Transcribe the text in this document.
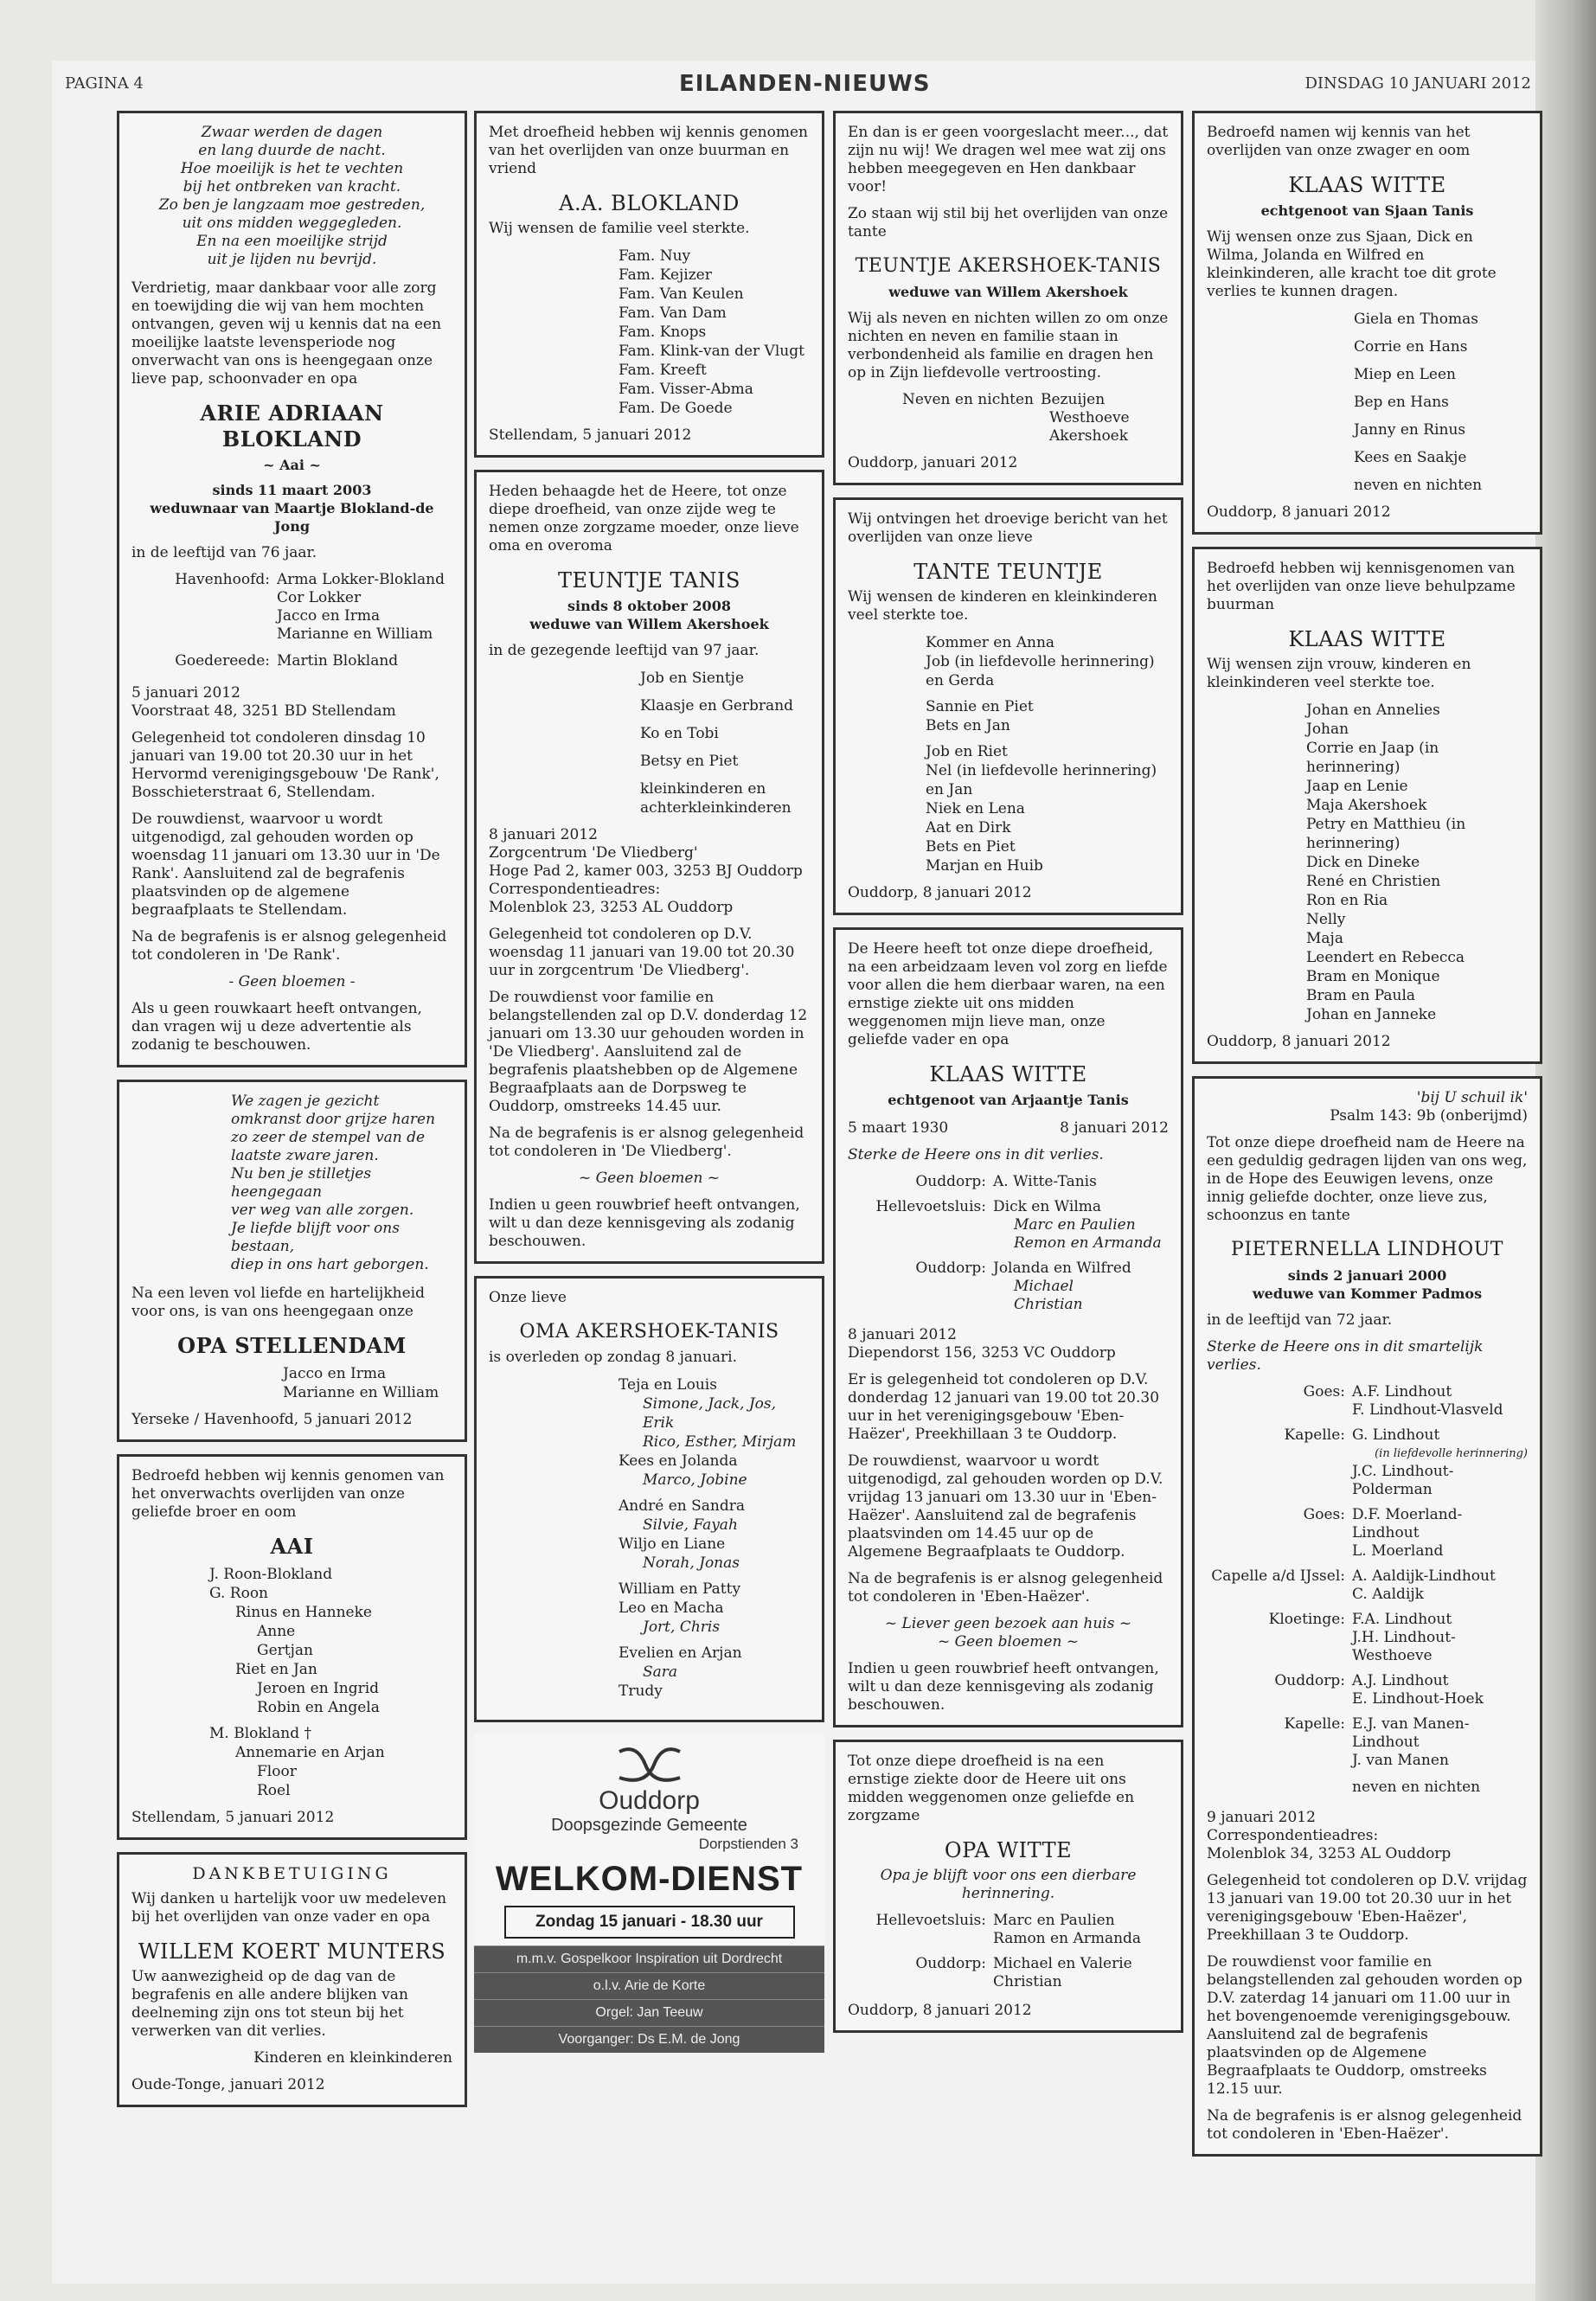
PAGINA 4	EILANDEN-NIEUWS	DINSDAG 10 JANUARI 2012
Zwaar werden de dagen
en lang duurde de nacht.
Hoe moeilijk is het te vechten
bij het ontbreken van kracht.
Zo ben je langzaam moe gestreden,
uit ons midden weggegleden.
En na een moeilijke strijd
uit je lijden nu bevrijd.

Verdrietig, maar dankbaar voor alle zorg en toewijding die wij van hem mochten ontvangen, geven wij u kennis dat na een moeilijke laatste levensperiode nog onverwacht van ons is heengegaan onze lieve pap, schoonvader en opa

ARIE ADRIAAN BLOKLAND
~ Aai ~
sinds 11 maart 2003
weduwnaar van Maartje Blokland-de Jong

in de leeftijd van 76 jaar.

Havenhoofd: Arma Lokker-Blokland
Cor Lokker
Jacco en Irma
Marianne en William
Goedereede: Martin Blokland
5 januari 2012

Voorstraat 48, 3251 BD Stellendam

Gelegenheid tot condoleren dinsdag 10 januari van 19.00 tot 20.30 uur in het Hervormd verenigingsgebouw 'De Rank', Bosschieterstraat 6, Stellendam.

De rouwdienst, waarvoor u wordt uitgenodigd, zal gehouden worden op woensdag 11 januari om 13.30 uur in 'De Rank'. Aansluitend zal de begrafenis plaatsvinden op de algemene begraafplaats te Stellendam.

Na de begrafenis is er alsnog gelegenheid tot condoleren in 'De Rank'.

- Geen bloemen -

Als u geen rouwkaart heeft ontvangen, dan vragen wij u deze advertentie als zodanig te beschouwen.

We zagen je gezicht
omkranst door grijze haren
zo zeer de stempel van de
laatste zware jaren.
Nu ben je stilletjes heengegaan
ver weg van alle zorgen.
Je liefde blijft voor ons bestaan,
diep in ons hart geborgen.

Na een leven vol liefde en hartelijkheid voor ons, is van ons heengegaan onze

OPA STELLENDAM
Jacco en Irma
Marianne en William
Yerseke / Havenhoofd, 5 januari 2012

Bedroefd hebben wij kennis genomen van het onverwachts overlijden van onze geliefde broer en oom

AAI
J. Roon-Blokland
G. Roon
Rinus en Hanneke
Anne
Gertjan
Riet en Jan
Jeroen en Ingrid
Robin en Angela
M. Blokland †
Annemarie en Arjan
Floor
Roel
Stellendam, 5 januari 2012
DANKBETUIGING

Wij danken u hartelijk voor uw medeleven bij het overlijden van onze vader en opa

WILLEM KOERT MUNTERS

Uw aanwezigheid op de dag van de begrafenis en alle andere blijken van deelneming zijn ons tot steun bij het verwerken van dit verlies.

Kinderen en kleinkinderen

Oude-Tonge, januari 2012

Met droefheid hebben wij kennis genomen van het overlijden van onze buurman en vriend

A.A. BLOKLAND

Wij wensen de familie veel sterkte.

Fam. Nuy
Fam. Kejizer
Fam. Van Keulen
Fam. Van Dam
Fam. Knops
Fam. Klink-van der Vlugt
Fam. Kreeft
Fam. Visser-Abma
Fam. De Goede
Stellendam, 5 januari 2012

Heden behaagde het de Heere, tot onze diepe droefheid, van onze zijde weg te nemen onze zorgzame moeder, onze lieve oma en overoma

TEUNTJE TANIS
sinds 8 oktober 2008
weduwe van Willem Akershoek

in de gezegende leeftijd van 97 jaar.

Job en Sientje
Klaasje en Gerbrand
Ko en Tobi
Betsy en Piet
kleinkinderen en achterkleinkinderen
8 januari 2012
Zorgcentrum 'De Vliedberg'
Hoge Pad 2, kamer 003, 3253 BJ Ouddorp
Correspondentieadres:

Molenblok 23, 3253 AL Ouddorp

Gelegenheid tot condoleren op D.V. woensdag 11 januari van 19.00 tot 20.30 uur in zorgcentrum 'De Vliedberg'.

De rouwdienst voor familie en belangstellenden zal op D.V. donderdag 12 januari om 13.30 uur gehouden worden in 'De Vliedberg'. Aansluitend zal de begrafenis plaatshebben op de Algemene Begraafplaats aan de Dorpsweg te Ouddorp, omstreeks 14.45 uur.

Na de begrafenis is er alsnog gelegenheid tot condoleren in 'De Vliedberg'.

~ Geen bloemen ~

Indien u geen rouwbrief heeft ontvangen, wilt u dan deze kennisgeving als zodanig beschouwen.

Onze lieve

OMA AKERSHOEK-TANIS

is overleden op zondag 8 januari.

Teja en Louis
Simone, Jack, Jos, Erik
Rico, Esther, Mirjam
Kees en Jolanda
Marco, Jobine
André en Sandra
Silvie, Fayah
Wiljo en Liane
Norah, Jonas
William en Patty
Leo en Macha
Jort, Chris
Evelien en Arjan
Sara
Trudy
Ouddorp
Doopsgezinde Gemeente
Dorpstienden 3
WELKOM-DIENST
Zondag 15 januari - 18.30 uur
m.m.v. Gospelkoor Inspiration uit Dordrecht
o.l.v. Arie de Korte
Orgel: Jan Teeuw
Voorganger: Ds E.M. de Jong

En dan is er geen voorgeslacht meer..., dat zijn nu wij! We dragen wel mee wat zij ons hebben meegegeven en Hen dankbaar voor!

Zo staan wij stil bij het overlijden van onze tante

TEUNTJE AKERSHOEK-TANIS
weduwe van Willem Akershoek

Wij als neven en nichten willen zo om onze nichten en neven en familie staan in verbondenheid als familie en dragen hen op in Zijn liefdevolle vertroosting.

Neven en nichten Bezuijen
Westhoeve
Akershoek
Ouddorp, januari 2012

Wij ontvingen het droevige bericht van het overlijden van onze lieve

TANTE TEUNTJE

Wij wensen de kinderen en kleinkinderen veel sterkte toe.

Kommer en Anna
Job (in liefdevolle herinnering) en Gerda
Sannie en Piet
Bets en Jan
Job en Riet
Nel (in liefdevolle herinnering) en Jan
Niek en Lena
Aat en Dirk
Bets en Piet
Marjan en Huib
Ouddorp, 8 januari 2012

De Heere heeft tot onze diepe droefheid, na een arbeidzaam leven vol zorg en liefde voor allen die hem dierbaar waren, na een ernstige ziekte uit ons midden weggenomen mijn lieve man, onze geliefde vader en opa

KLAAS WITTE
echtgenoot van Arjaantje Tanis
5 maart 1930	8 januari 2012

Sterke de Heere ons in dit verlies.

Ouddorp: A. Witte-Tanis
Hellevoetsluis: Dick en Wilma
Marc en Paulien
Remon en Armanda
Ouddorp: Jolanda en Wilfred
Michael
Christian
8 januari 2012

Diependorst 156, 3253 VC Ouddorp

Er is gelegenheid tot condoleren op D.V. donderdag 12 januari van 19.00 tot 20.30 uur in het verenigingsgebouw 'Eben-Haëzer', Preekhillaan 3 te Ouddorp.

De rouwdienst, waarvoor u wordt uitgenodigd, zal gehouden worden op D.V. vrijdag 13 januari om 13.30 uur in 'Eben-Haëzer'. Aansluitend zal de begrafenis plaatsvinden om 14.45 uur op de Algemene Begraafplaats te Ouddorp.

Na de begrafenis is er alsnog gelegenheid tot condoleren in 'Eben-Haëzer'.

~ Liever geen bezoek aan huis ~

~ Geen bloemen ~

Indien u geen rouwbrief heeft ontvangen, wilt u dan deze kennisgeving als zodanig beschouwen.

Tot onze diepe droefheid is na een ernstige ziekte door de Heere uit ons midden weggenomen onze geliefde en zorgzame

OPA WITTE

Opa je blijft voor ons een dierbare herinnering.

Hellevoetsluis: Marc en Paulien
Ramon en Armanda
Ouddorp: Michael en Valerie
Christian
Ouddorp, 8 januari 2012

Bedroefd namen wij kennis van het overlijden van onze zwager en oom

KLAAS WITTE
echtgenoot van Sjaan Tanis

Wij wensen onze zus Sjaan, Dick en Wilma, Jolanda en Wilfred en kleinkinderen, alle kracht toe dit grote verlies te kunnen dragen.

Giela en Thomas
Corrie en Hans
Miep en Leen
Bep en Hans
Janny en Rinus
Kees en Saakje
neven en nichten
Ouddorp, 8 januari 2012

Bedroefd hebben wij kennisgenomen van het overlijden van onze lieve behulpzame buurman

KLAAS WITTE

Wij wensen zijn vrouw, kinderen en kleinkinderen veel sterkte toe.

Johan en Annelies
Johan
Corrie en Jaap (in herinnering)
Jaap en Lenie
Maja Akershoek
Petry en Matthieu (in herinnering)
Dick en Dineke
René en Christien
Ron en Ria
Nelly
Maja
Leendert en Rebecca
Bram en Monique
Bram en Paula
Johan en Janneke
Ouddorp, 8 januari 2012
'bij U schuil ik'

Psalm 143: 9b (onberijmd)

Tot onze diepe droefheid nam de Heere na een geduldig gedragen lijden van ons weg, in de Hope des Eeuwigen levens, onze innig geliefde dochter, onze lieve zus, schoonzus en tante

PIETERNELLA LINDHOUT
sinds 2 januari 2000
weduwe van Kommer Padmos

in de leeftijd van 72 jaar.

Sterke de Heere ons in dit smartelijk verlies.

Goes: A.F. Lindhout
F. Lindhout-Vlasveld
Kapelle: G. Lindhout
(in liefdevolle herinnering)
J.C. Lindhout-Polderman
Goes: D.F. Moerland-Lindhout
L. Moerland
Capelle a/d IJssel: A. Aaldijk-Lindhout
C. Aaldijk
Kloetinge: F.A. Lindhout
J.H. Lindhout-Westhoeve
Ouddorp: A.J. Lindhout
E. Lindhout-Hoek
Kapelle: E.J. van Manen-Lindhout
J. van Manen

neven en nichten

9 januari 2012
Correspondentieadres:

Molenblok 34, 3253 AL Ouddorp

Gelegenheid tot condoleren op D.V. vrijdag 13 januari van 19.00 tot 20.30 uur in het verenigingsgebouw 'Eben-Haëzer', Preekhillaan 3 te Ouddorp.

De rouwdienst voor familie en belangstellenden zal gehouden worden op D.V. zaterdag 14 januari om 11.00 uur in het bovengenoemde verenigingsgebouw. Aansluitend zal de begrafenis plaatsvinden op de Algemene Begraafplaats te Ouddorp, omstreeks 12.15 uur.

Na de begrafenis is er alsnog gelegenheid tot condoleren in 'Eben-Haëzer'.
